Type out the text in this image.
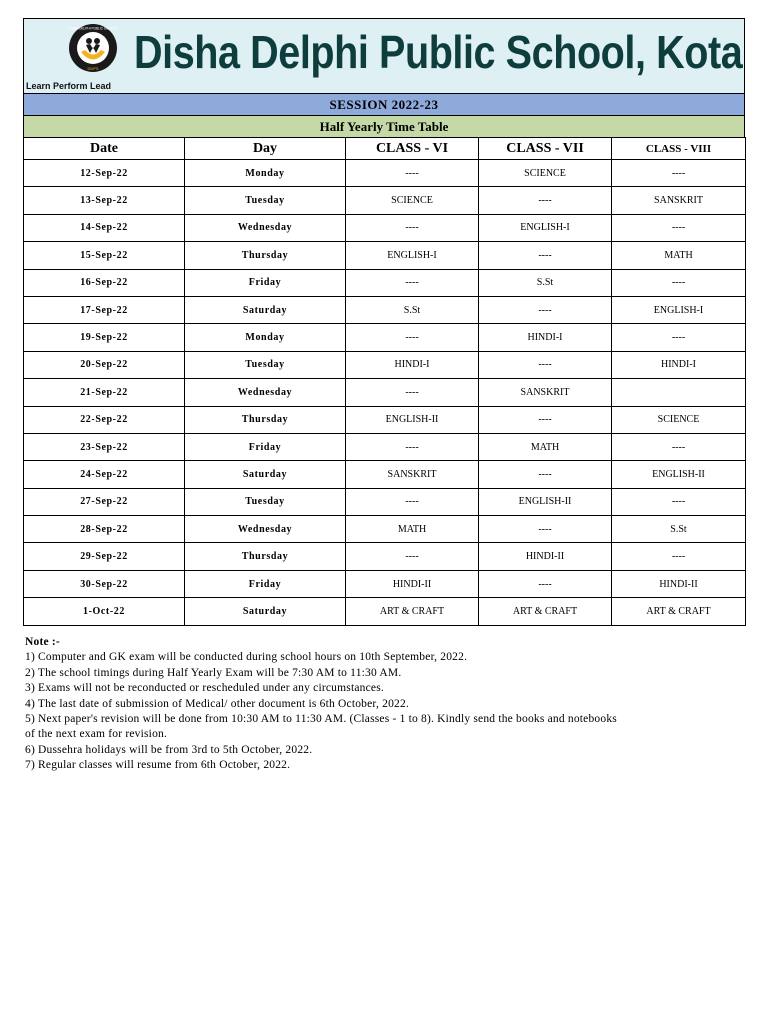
DDPS
DISHA DELPHI PUBLIC SCHOOL Disha Delphi Public School, Kota
Learn Perform Lead
SESSION 2022-23
Half Yearly Time Table
Date	Day	CLASS - VI	CLASS - VII	CLASS - VIII
12-Sep-22	Monday	----	SCIENCE	----
13-Sep-22	Tuesday	SCIENCE	----	SANSKRIT
14-Sep-22	Wednesday	----	ENGLISH-I	----
15-Sep-22	Thursday	ENGLISH-I	----	MATH
16-Sep-22	Friday	----	S.St	----
17-Sep-22	Saturday	S.St	----	ENGLISH-I
19-Sep-22	Monday	----	HINDI-I	----
20-Sep-22	Tuesday	HINDI-I	----	HINDI-I
21-Sep-22	Wednesday	----	SANSKRIT	
22-Sep-22	Thursday	ENGLISH-II	----	SCIENCE
23-Sep-22	Friday	----	MATH	----
24-Sep-22	Saturday	SANSKRIT	----	ENGLISH-II
27-Sep-22	Tuesday	----	ENGLISH-II	----
28-Sep-22	Wednesday	MATH	----	S.St
29-Sep-22	Thursday	----	HINDI-II	----
30-Sep-22	Friday	HINDI-II	----	HINDI-II
1-Oct-22	Saturday	ART & CRAFT	ART & CRAFT	ART & CRAFT

Note :-

1) Computer and GK exam will be conducted during school hours on 10th September, 2022.

2) The school timings during Half Yearly Exam will be 7:30 AM to 11:30 AM.

3) Exams will not be reconducted or rescheduled under any circumstances.

4) The last date of submission of Medical/ other document is 6th October, 2022.

5) Next paper's revision will be done from 10:30 AM to 11:30 AM. (Classes - 1 to 8). Kindly send the books and notebooks of the next exam for revision.

6) Dussehra holidays will be from 3rd to 5th October, 2022.

7) Regular classes will resume from 6th October, 2022.
